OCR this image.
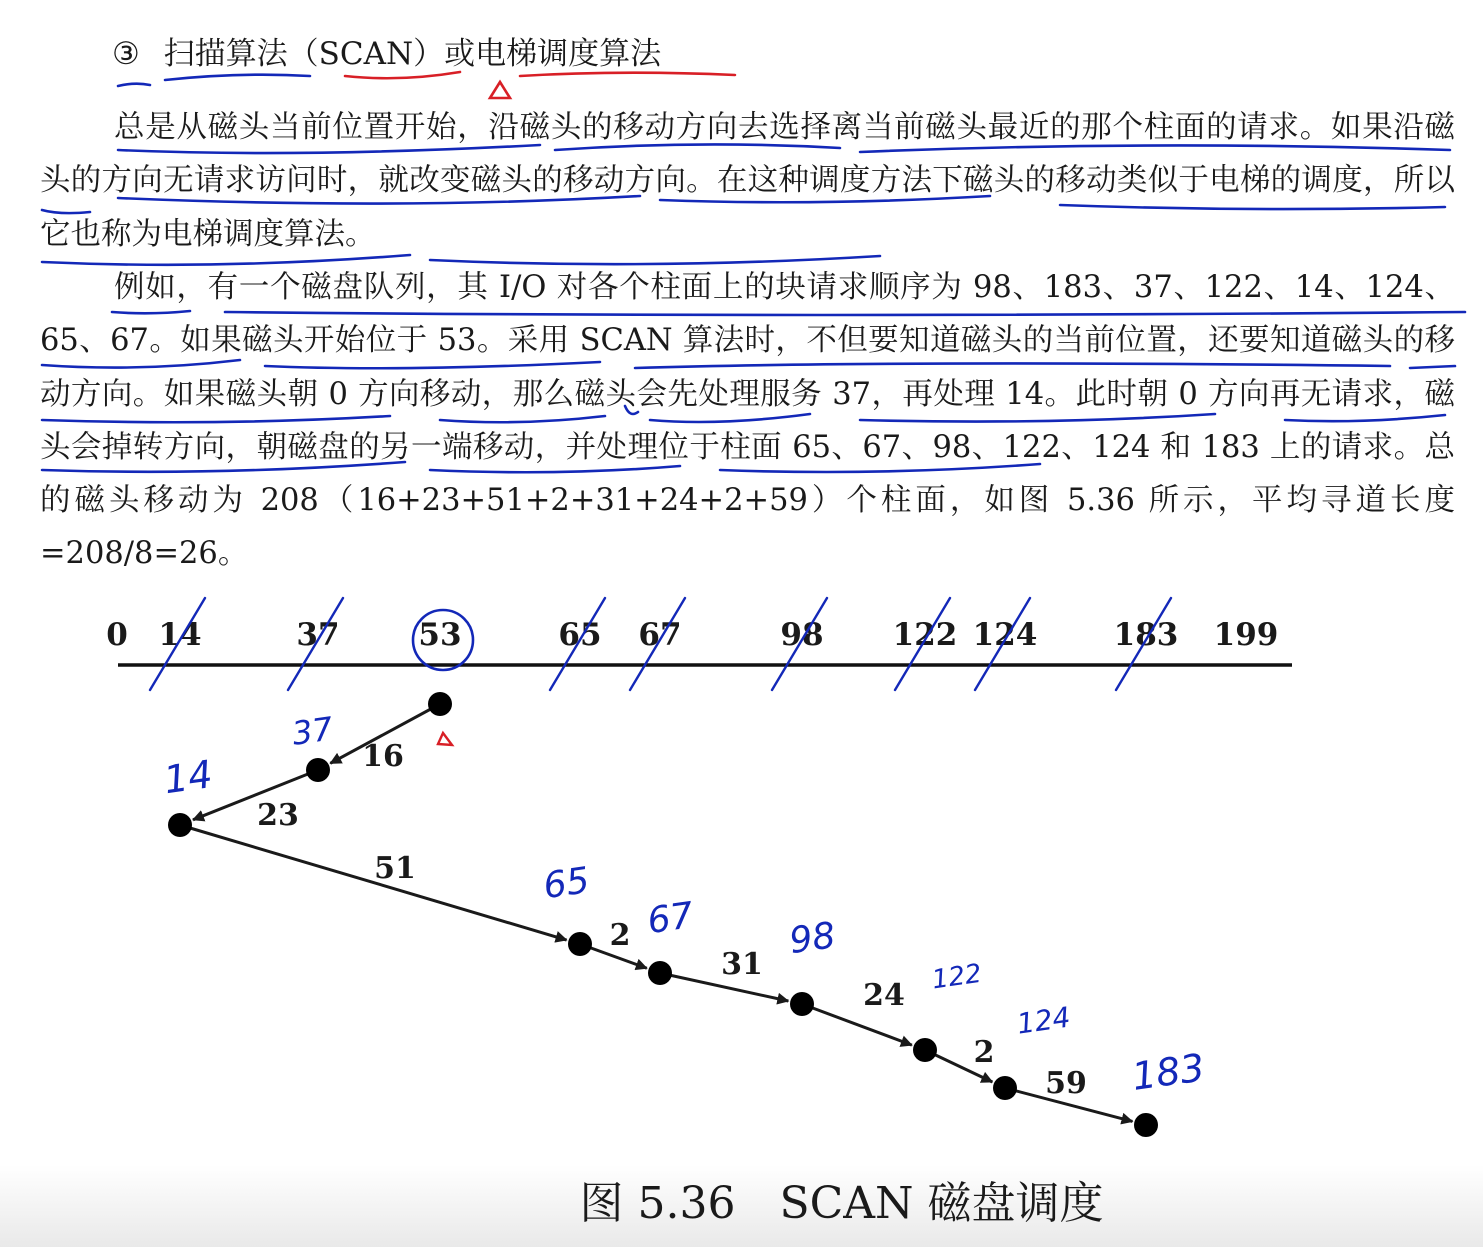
③ 扫描算法（SCAN）或电梯调度算法

总是从磁头当前位置开始，沿磁头的移动方向去选择离当前磁头最近的那个柱面的请求。如果沿磁头的方向无请求访问时，就改变磁头的移动方向。在这种调度方法下磁头的移动类似于电梯的调度，所以它也称为电梯调度算法。

例如，有一个磁盘队列，其 I/O 对各个柱面上的块请求顺序为 98、183、37、122、14、124、65、67。如果磁头开始位于 53。采用 SCAN 算法时，不但要知道磁头的当前位置，还要知道磁头的移动方向。如果磁头朝 0 方向移动，那么磁头会先处理服务 37，再处理 14。此时朝 0 方向再无请求，磁头会掉转方向，朝磁盘的另一端移动，并处理位于柱面 65、67、98、122、124 和 183 上的请求。总的磁头移动为 208（16+23+51+2+31+24+2+59）个柱面，如图 5.36 所示，平均寻道长度=208/8=26。

0 14	37	53	65 67	98 122 124 183 199
16
23
51
2
31
24
2
59
37
14
65
67	98
122
124
183
图 5.36　SCAN 磁盘调度
